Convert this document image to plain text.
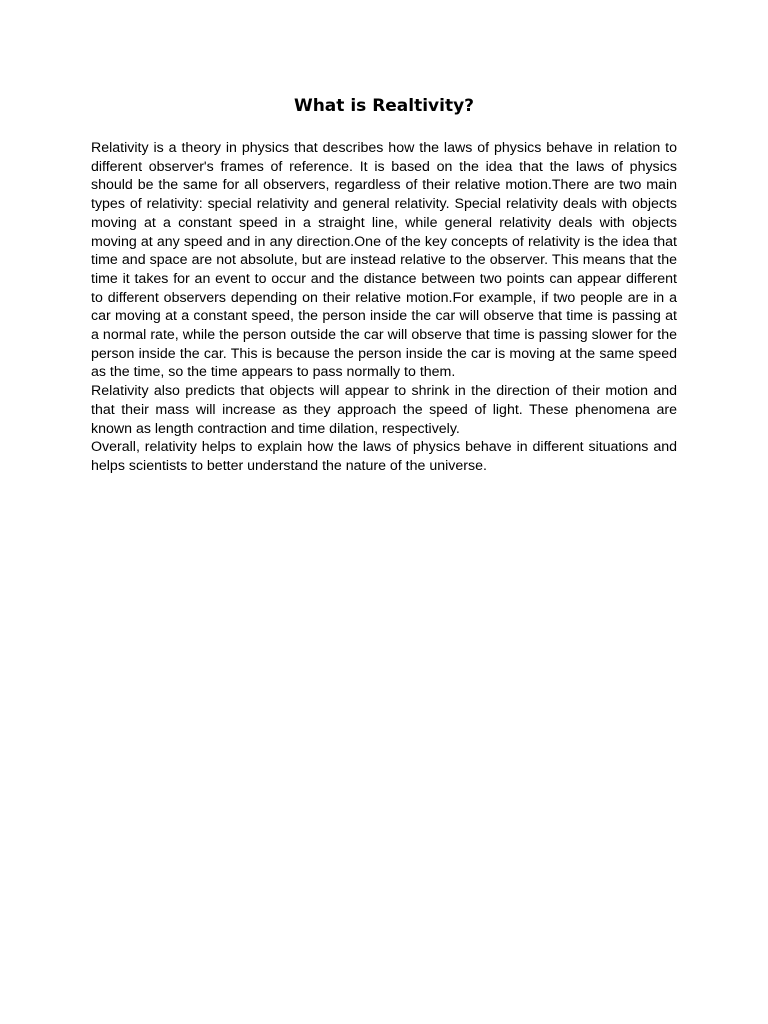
What is Realtivity?

Relativity is a theory in physics that describes how the laws of physics behave in relation to different observer's frames of reference. It is based on the idea that the laws of physics should be the same for all observers, regardless of their relative motion.There are two main types of relativity: special relativity and general relativity. Special relativity deals with objects moving at a constant speed in a straight line, while general relativity deals with objects moving at any speed and in any direction.One of the key concepts of relativity is the idea that time and space are not absolute, but are instead relative to the observer. This means that the time it takes for an event to occur and the distance between two points can appear different to different observers depending on their relative motion.For example, if two people are in a car moving at a constant speed, the person inside the car will observe that time is passing at a normal rate, while the person outside the car will observe that time is passing slower for the person inside the car. This is because the person inside the car is moving at the same speed as the time, so the time appears to pass normally to them.

Relativity also predicts that objects will appear to shrink in the direction of their motion and that their mass will increase as they approach the speed of light. These phenomena are known as length contraction and time dilation, respectively.

Overall, relativity helps to explain how the laws of physics behave in different situations and helps scientists to better understand the nature of the universe.
